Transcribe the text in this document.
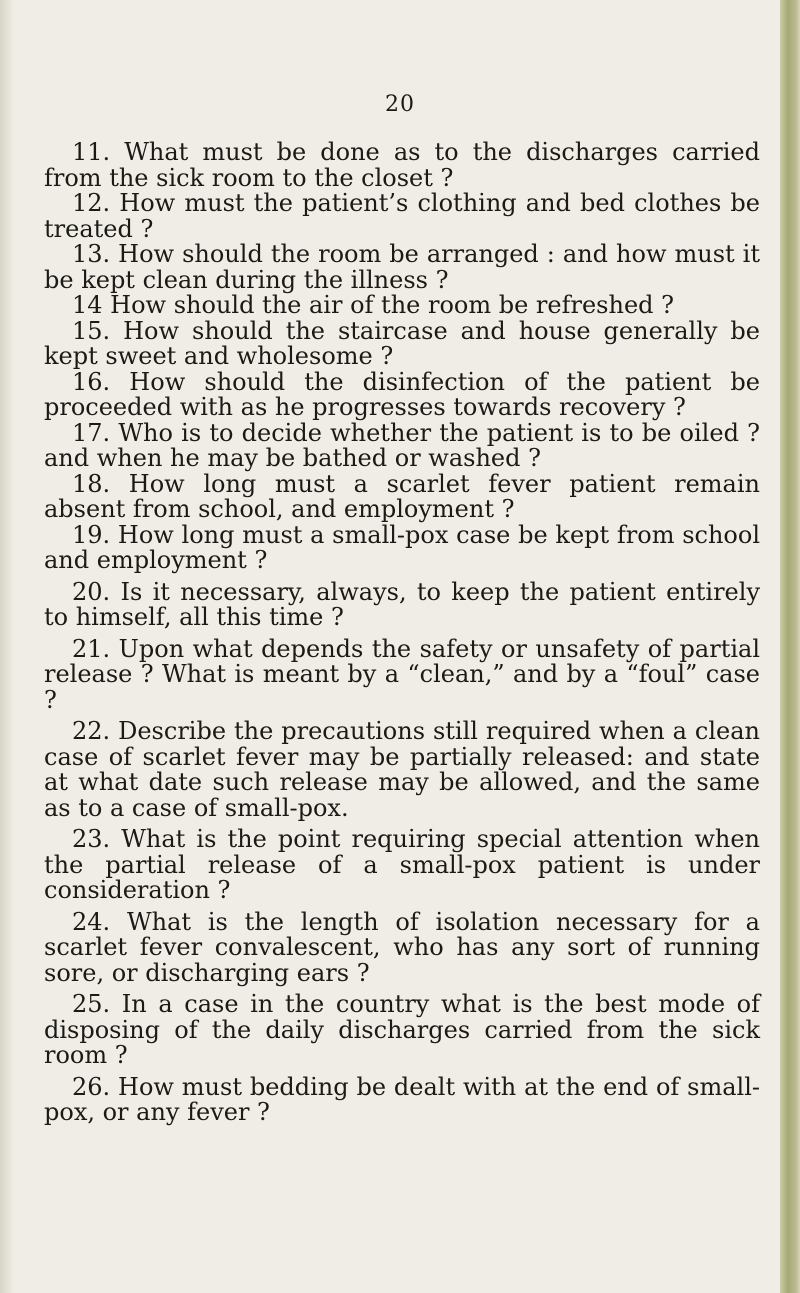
20

11. What must be done as to the discharges carried from the sick room to the closet ?

12. How must the patient’s clothing and bed clothes be treated ?

13. How should the room be arranged : and how must it be kept clean during the illness ?

14 How should the air of the room be refreshed ?

15. How should the staircase and house generally be kept sweet and wholesome ?

16. How should the disinfection of the patient be proceeded with as he progresses towards recovery ?

17. Who is to decide whether the patient is to be oiled ? and when he may be bathed or washed ?

18. How long must a scarlet fever patient remain absent from school, and employment ?

19. How long must a small-pox case be kept from school and employment ?

20. Is it necessary, always, to keep the patient entirely to himself, all this time ?

21. Upon what depends the safety or unsafety of partial release ? What is meant by a “clean,” and by a “foul” case ?

22. Describe the precautions still required when a clean case of scarlet fever may be partially released: and state at what date such release may be allowed, and the same as to a case of small-pox.

23. What is the point requiring special attention when the partial release of a small-pox patient is under consideration ?

24. What is the length of isolation necessary for a scarlet fever convalescent, who has any sort of running sore, or discharging ears ?

25. In a case in the country what is the best mode of disposing of the daily discharges carried from the sick room ?

26. How must bedding be dealt with at the end of small-pox, or any fever ?
